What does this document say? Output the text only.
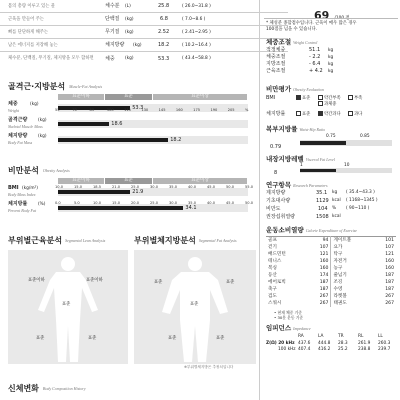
몸의 총량 이루고 있는 물	체수분 (L)	25.8	( 26.0~31.8 )
근육을 만들어 주는	단백질 (kg)	6.8	( 7.0~8.6 )
뼈를 단단하게 해주는	무기질 (kg)	2.52	( 2.41~2.95 )
남은 에너지를 저장해 놓는	체지방량 (kg)	18.2	( 10.2~16.4 )
체수분, 단백질, 무기질, 체지방을 모두 합하면 체중 (kg)	53.3	( 43.4~58.8 )
골격근·지방분석 Muscle-Fat Analysis
표준이하	표준	표준이상
체중	(kg)
Weight	53.3
골격근량 (kg)
Skeletal Muscle Mass	18.6
체지방량 (kg)
Body Fat Mass	18.2
55	70	85	100	115	130	145	160	175	190	205	%
비만분석 Obesity Analysis
표준이하	표준	표준이상
BMI (kg/m²)
Body Mass Index	21.9
체지방률 (%)
Percent Body Fat	34.1
10.0	15.0	18.5	21.0	25.0	30.0	35.0	40.0	45.0	50.0	55.0
0.0	5.0	10.0	15.0	20.0	25.0	30.0	35.0	40.0	45.0	50.0
부위별근육분석 Segmental Lean Analysis
표준이하	표준이하
표준
표준	표준
부위별체지방분석 Segmental Fat Analysis
표준	표준
표준
표준	표준
※부위별체지방은 추정치입니다
신체변화 Body Composition History
69 /100 점
* 체성분 종합점수입니다. 근육이 매우 많은 경우
100점을 넘을 수 있습니다.
체중조절 Weight Control
적정체중	51.1 kg
체중조절	- 2.2 kg
지방조절	- 6.4 kg
근육조절	+ 4.2 kg
비만평가 Obesity Evaluation
BMI	표준	약간부족	부족
과체중
체지방률	표준	약간과다	과다
복부지방률 Waist-Hip Ratio
0.75	0.85
0.79
내장지방레벨 Visceral Fat Level
1	10
8
연구항목 Research Parameters
제지방량	35.1 kg ( 35.4~43.3 )
기초대사량	1129 kcal ( 1168~1345 )
비만도	104 % ( 90~110 )
권장섭취열량	1508 kcal
운동소비열량 Calorie Expenditure of Exercise
골프	94	게이트볼	101
걷기	107	요가	107
배드민턴	121	탁구	121
테니스	160	자전거	160
복싱	160	농구	160
등산	174	줄넘기	187
에어로빅	187	조깅	187
축구	187	수영	187
검도	267	라켓볼	267
스쿼시	267	태권도	267
• 현재 체중 기준
• 30분 운동 기준
임피던스 Impedance
RA	LA	TR	RL	LL
Z(Ω) 20 kHz 437.6 444.8 28.3 261.9 260.3
100 kHz 407.4 416.2 25.2 238.8 239.7
